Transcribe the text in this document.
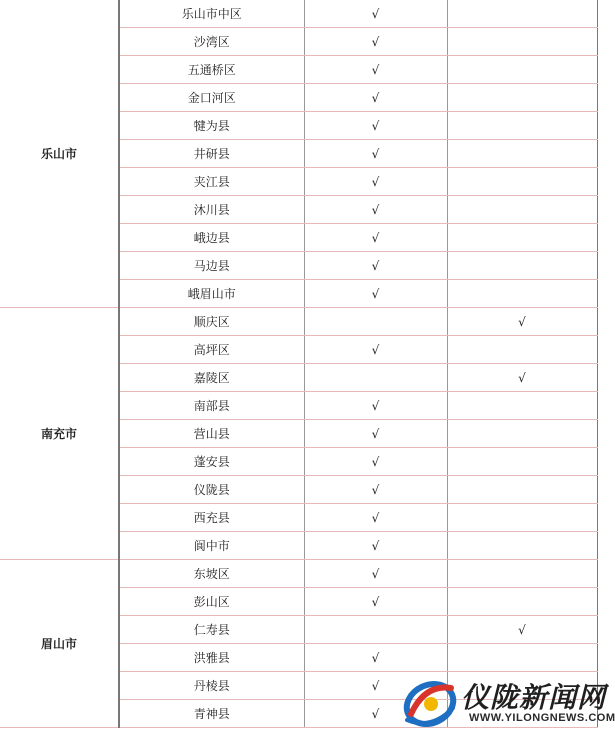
乐山市	乐山市中区	√	
	沙湾区	√	
	五通桥区	√	
	金口河区	√	
	犍为县	√	
	井研县	√	
	夹江县	√	
	沐川县	√	
	峨边县	√	
	马边县	√	
	峨眉山市	√	
南充市	顺庆区		√
	高坪区	√	
	嘉陵区		√
	南部县	√	
	营山县	√	
	蓬安县	√	
	仪陇县	√	
	西充县	√	
	阆中市	√	
眉山市	东坡区	√	
	彭山区	√	
	仁寿县		√
	洪雅县	√	
	丹棱县	√	
	青神县	√		仪陇新闻网
WWW.YILONGNEWS.COM
